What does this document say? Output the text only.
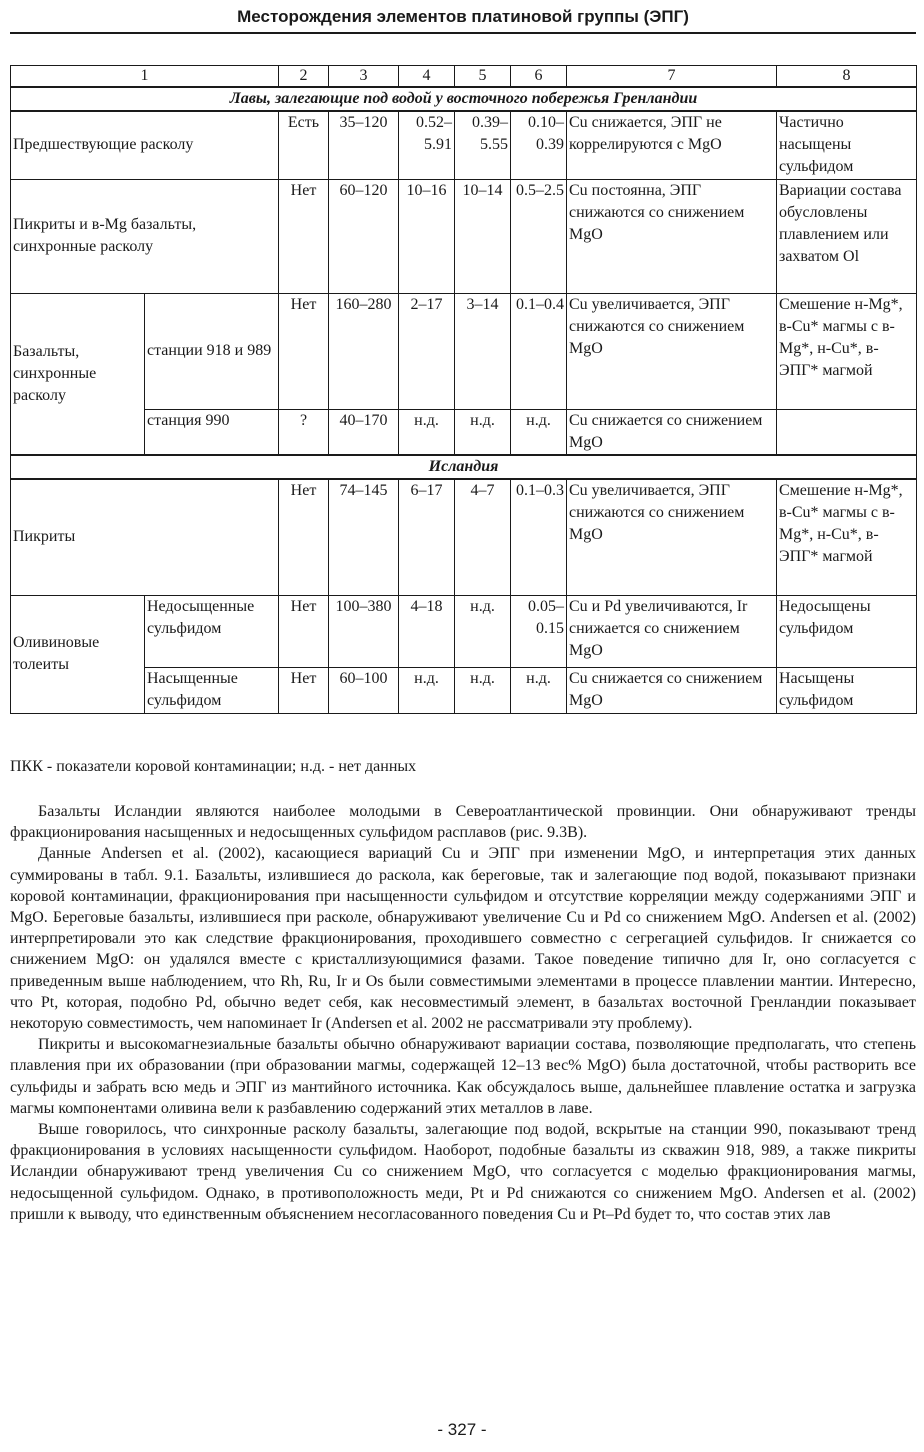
Месторождения элементов платиновой группы (ЭПГ)
1		2	3	4	5	6	7	8
Лавы, залегающие под водой у восточного побережья Гренландии								
Предшествующие расколу		Есть	35–120	0.52–5.91	0.39–5.55	0.10–0.39	Cu снижается, ЭПГ не коррелируются с MgO	Частично насыщены сульфидом
Пикриты и в-Mg базальты, синхронные расколу		Нет	60–120	10–16	10–14	0.5–2.5	Cu постоянна, ЭПГ снижаются со снижением MgO	Вариации состава обусловлены плавлением или захватом Ol
Базальты, синхронные расколу	станции 918 и 989	Нет	160–280	2–17	3–14	0.1–0.4	Cu увеличивается, ЭПГ снижаются со снижением MgO	Смешение н-Mg*, в-Cu* магмы с в-Mg*, н-Cu*, в-ЭПГ* магмой
	станция 990	?	40–170	н.д.	н.д.	н.д.	Cu снижается со снижением MgO	
Исландия								
Пикриты		Нет	74–145	6–17	4–7	0.1–0.3	Cu увеличивается, ЭПГ снижаются со снижением MgO	Смешение н-Mg*, в-Cu* магмы с в-Mg*, н-Cu*, в-ЭПГ* магмой
Оливиновые толеиты	Недосыщенные сульфидом	Нет	100–380	4–18	н.д.	0.05–0.15	Cu и Pd увеличиваются, Ir снижается со снижением MgO	Недосыщены сульфидом
	Насыщенные сульфидом	Нет	60–100	н.д.	н.д.	н.д.	Cu снижается со снижением MgO	Насыщены сульфидом
ПКК - показатели коровой контаминации; н.д. - нет данных

Базальты Исландии являются наиболее молодыми в Североатлантической провинции. Они обнаруживают тренды фракционирования насыщенных и недосыщенных сульфидом расплавов (рис. 9.3В).

Данные Andersen et al. (2002), касающиеся вариаций Cu и ЭПГ при изменении MgO, и интерпретация этих данных суммированы в табл. 9.1. Базальты, излившиеся до раскола, как береговые, так и залегающие под водой, показывают признаки коровой контаминации, фракционирования при насыщенности сульфидом и отсутствие корреляции между содержаниями ЭПГ и MgO. Береговые базальты, излившиеся при расколе, обнаруживают увеличение Cu и Pd со снижением MgO. Andersen et al. (2002) интерпретировали это как следствие фракционирования, проходившего совместно с сегрегацией сульфидов. Ir снижается со снижением MgO: он удалялся вместе с кристаллизующимися фазами. Такое поведение типично для Ir, оно согласуется с приведенным выше наблюдением, что Rh, Ru, Ir и Os были совместимыми элементами в процессе плавлении мантии. Интересно, что Pt, которая, подобно Pd, обычно ведет себя, как несовместимый элемент, в базальтах восточной Гренландии показывает некоторую совместимость, чем напоминает Ir (Andersen et al. 2002 не рассматривали эту проблему).

Пикриты и высокомагнезиальные базальты обычно обнаруживают вариации состава, позволяющие предполагать, что степень плавления при их образовании (при образовании магмы, содержащей 12–13 вес% MgO) была достаточной, чтобы растворить все сульфиды и забрать всю медь и ЭПГ из мантийного источника. Как обсуждалось выше, дальнейшее плавление остатка и загрузка магмы компонентами оливина вели к разбавлению содержаний этих металлов в лаве.

Выше говорилось, что синхронные расколу базальты, залегающие под водой, вскрытые на станции 990, показывают тренд фракционирования в условиях насыщенности сульфидом. Наоборот, подобные базальты из скважин 918, 989, а также пикриты Исландии обнаруживают тренд увеличения Cu со снижением MgO, что согласуется с моделью фракционирования магмы, недосыщенной сульфидом. Однако, в противоположность меди, Pt и Pd снижаются со снижением MgO. Andersen et al. (2002) пришли к выводу, что единственным объяснением несогласованного поведения Cu и Pt–Pd будет то, что состав этих лав

- 327 -
